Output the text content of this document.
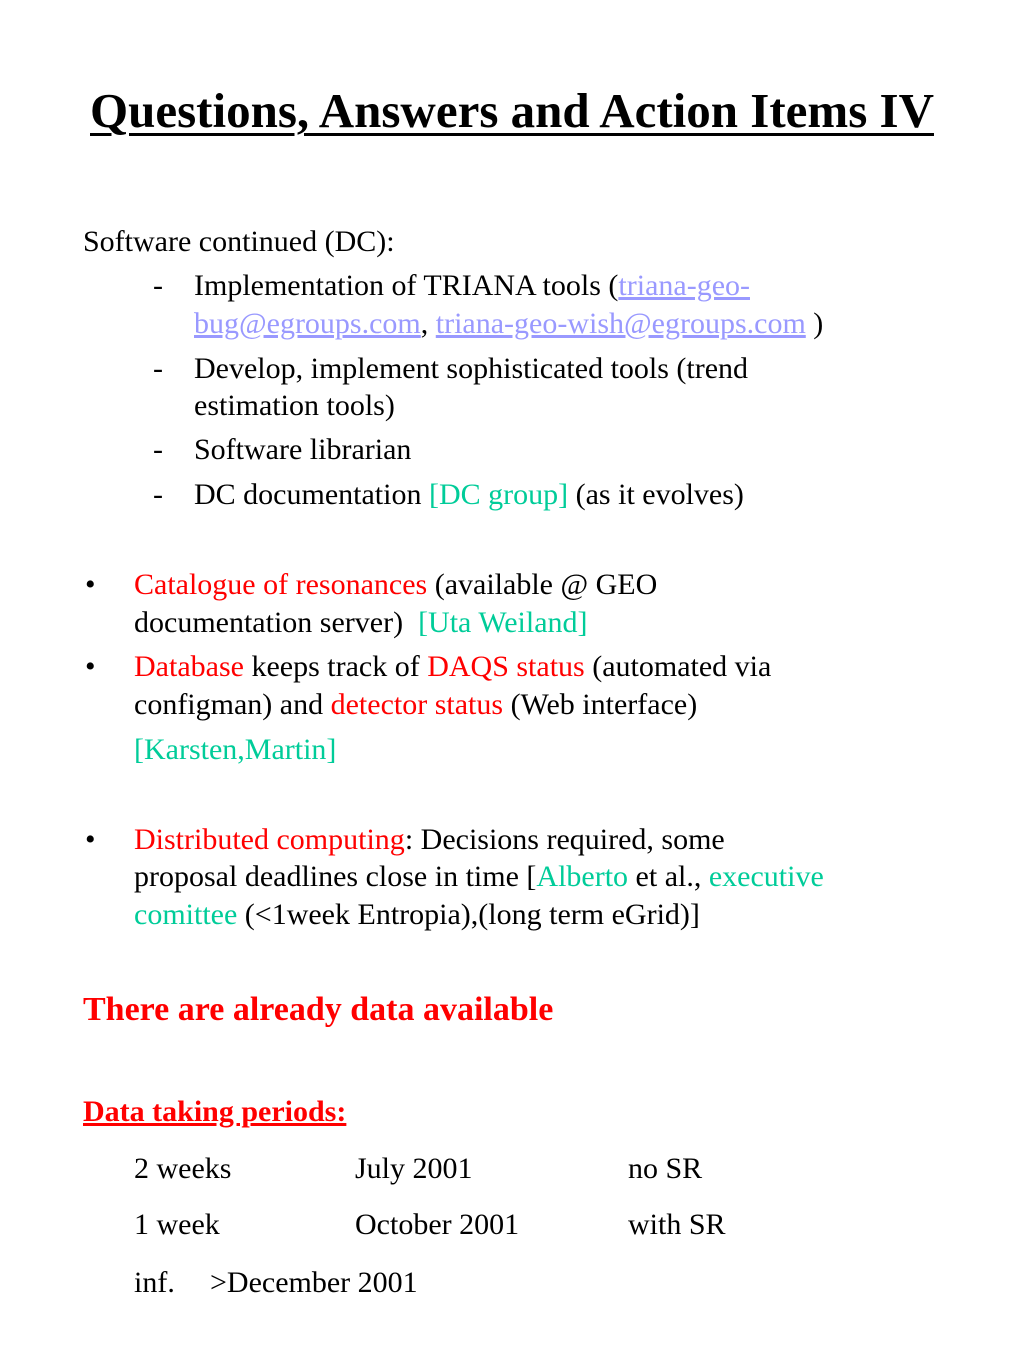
Questions, Answers and Action Items IV
Software continued (DC):
- Implementation of TRIANA tools (triana-geo-
bug@egroups.com, triana-geo-wish@egroups.com )
- Develop, implement sophisticated tools (trend
estimation tools)
- Software librarian
- DC documentation [DC group] (as it evolves)
• Catalogue of resonances (available @ GEO
documentation server) [Uta Weiland]
• Database keeps track of DAQS status (automated via
configman) and detector status (Web interface)
[Karsten,Martin]
• Distributed computing: Decisions required, some
proposal deadlines close in time [Alberto et al., executive
comittee (<1week Entropia),(long term eGrid)]
There are already data available
Data taking periods:
2 weeks	July 2001	no SR
1 week	October 2001	with SR
inf. >December 2001
